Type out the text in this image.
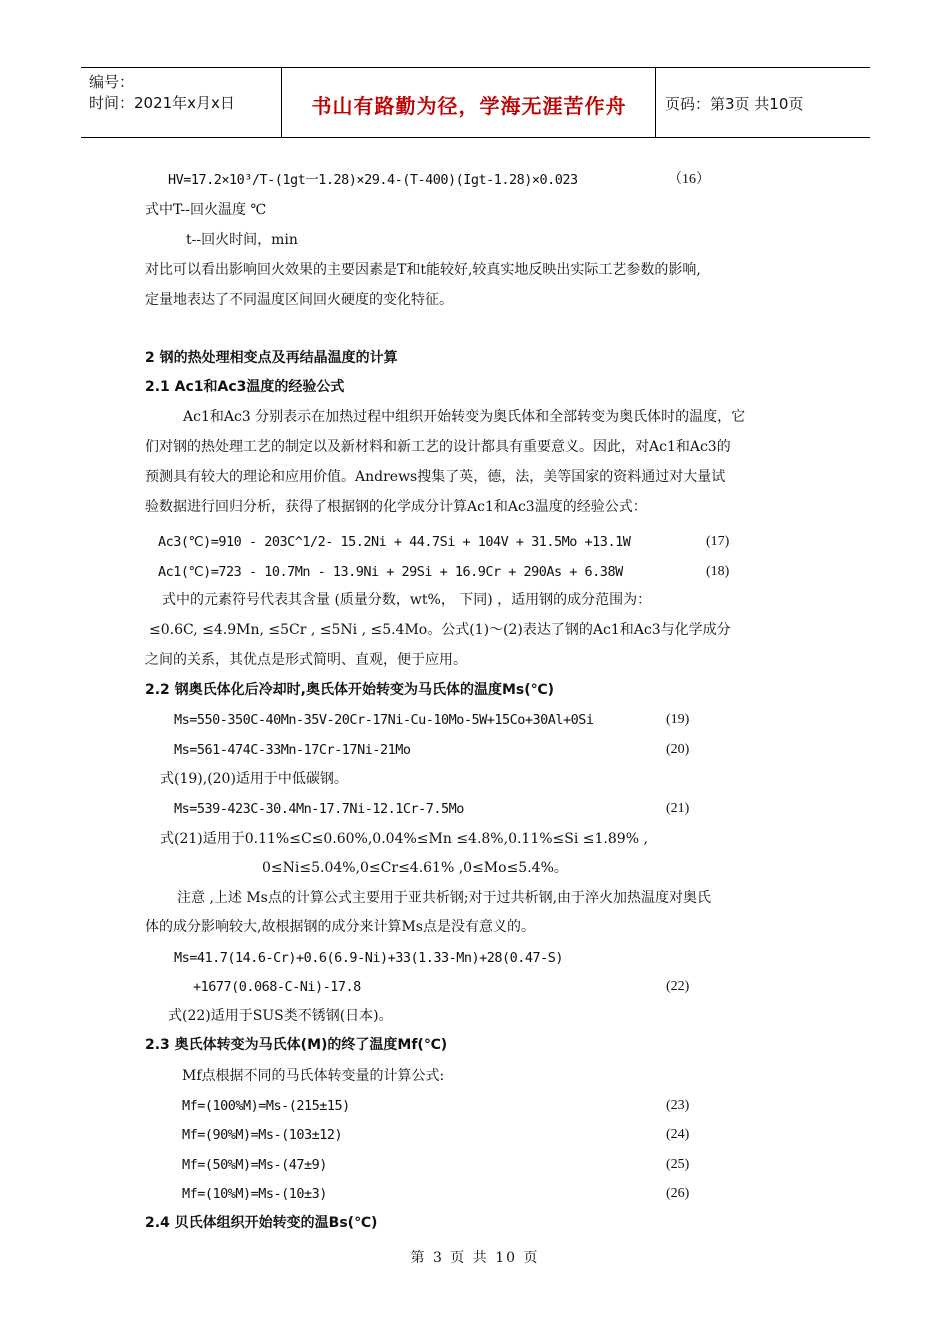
编号：
时间：2021年x月x日	书山有路勤为径，学海无涯苦作舟	页码：第3页 共10页
HV=17.2×10³/T-(1gt一1.28)×29.4-(T-400)(Igt-1.28)×0.023	（16）
式中T--回火温度 ℃
t--回火时间，min
对比可以看出影响回火效果的主要因素是T和t能较好,较真实地反映出实际工艺参数的影响,
定量地表达了不同温度区间回火硬度的变化特征。
2 钢的热处理相变点及再结晶温度的计算
2.1 Ac1和Ac3温度的经验公式
Ac1和Ac3 分别表示在加热过程中组织开始转变为奥氏体和全部转变为奥氏体时的温度，它
们对钢的热处理工艺的制定以及新材料和新工艺的设计都具有重要意义。因此，对Ac1和Ac3的
预测具有较大的理论和应用价值。Andrews搜集了英，德，法，美等国家的资料通过对大量试
验数据进行回归分析，获得了根据钢的化学成分计算Ac1和Ac3温度的经验公式：
Ac3(℃)=910 - 203C^1/2- 15.2Ni + 44.7Si + 104V + 31.5Mo +13.1W	(17)
Ac1(℃)=723 - 10.7Mn - 13.9Ni + 29Si + 16.9Cr + 290As + 6.38W	(18)
式中的元素符号代表其含量 (质量分数，wt%， 下同) ，适用钢的成分范围为：
≤0.6C, ≤4.9Mn, ≤5Cr , ≤5Ni , ≤5.4Mo。公式(1)～(2)表达了钢的Ac1和Ac3与化学成分
之间的关系，其优点是形式简明、直观，便于应用。
2.2 钢奥氏体化后冷却时,奥氏体开始转变为马氏体的温度Ms(℃)
Ms=550-350C-40Mn-35V-20Cr-17Ni-Cu-10Mo-5W+15Co+30Al+0Si	(19)
Ms=561-474C-33Mn-17Cr-17Ni-21Mo	(20)
式(19),(20)适用于中低碳钢。
Ms=539-423C-30.4Mn-17.7Ni-12.1Cr-7.5Mo	(21)
式(21)适用于0.11%≤C≤0.60%,0.04%≤Mn ≤4.8%,0.11%≤Si ≤1.89% ,
0≤Ni≤5.04%,0≤Cr≤4.61% ,0≤Mo≤5.4%。
注意 ,上述 Ms点的计算公式主要用于亚共析钢;对于过共析钢,由于淬火加热温度对奥氏
体的成分影响较大,故根据钢的成分来计算Ms点是没有意义的。
Ms=41.7(14.6-Cr)+0.6(6.9-Ni)+33(1.33-Mn)+28(0.47-S)
+1677(0.068-C-Ni)-17.8	(22)
式(22)适用于SUS类不锈钢(日本)。
2.3 奥氏体转变为马氏体(M)的终了温度Mf(℃)
Mf点根据不同的马氏体转变量的计算公式:
Mf=(100%M)=Ms-(215±15)	(23)
Mf=(90%M)=Ms-(103±12)	(24)
Mf=(50%M)=Ms-(47±9)	(25)
Mf=(10%M)=Ms-(10±3)	(26)
2.4 贝氏体组织开始转变的温Bs(℃)
第 3 页 共 10 页
